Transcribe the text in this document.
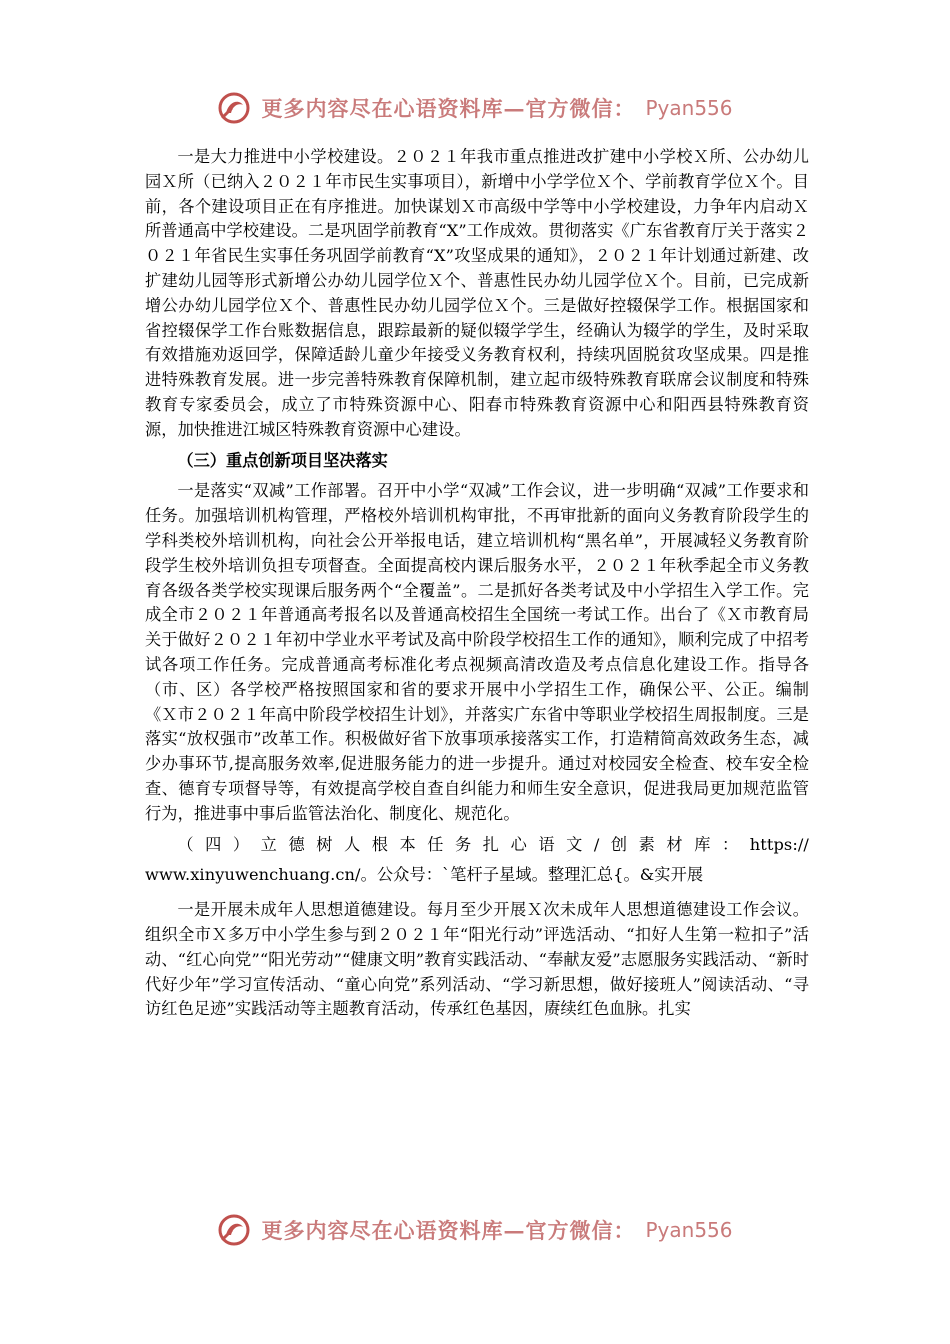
更多内容尽在心语资料库—官方微信： Pyan556

一是大力推进中小学校建设。２０２１年我市重点推进改扩建中小学校Ｘ所、公办幼儿园Ｘ所（已纳入２０２１年市民生实事项目），新增中小学学位Ｘ个、学前教育学位Ｘ个。目前，各个建设项目正在有序推进。加快谋划Ｘ市高级中学等中小学校建设，力争年内启动Ｘ所普通高中学校建设。二是巩固学前教育“X”工作成效。贯彻落实《广东省教育厅关于落实２０２１年省民生实事任务巩固学前教育“X”攻坚成果的通知》，２０２１年计划通过新建、改扩建幼儿园等形式新增公办幼儿园学位Ｘ个、普惠性民办幼儿园学位Ｘ个。目前，已完成新增公办幼儿园学位Ｘ个、普惠性民办幼儿园学位Ｘ个。三是做好控辍保学工作。根据国家和省控辍保学工作台账数据信息，跟踪最新的疑似辍学学生，经确认为辍学的学生，及时采取有效措施劝返回学，保障适龄儿童少年接受义务教育权利，持续巩固脱贫攻坚成果。四是推进特殊教育发展。进一步完善特殊教育保障机制，建立起市级特殊教育联席会议制度和特殊教育专家委员会，成立了市特殊资源中心、阳春市特殊教育资源中心和阳西县特殊教育资源，加快推进江城区特殊教育资源中心建设。

（三）重点创新项目坚决落实

一是落实“双减”工作部署。召开中小学“双减”工作会议，进一步明确“双减”工作要求和任务。加强培训机构管理，严格校外培训机构审批，不再审批新的面向义务教育阶段学生的学科类校外培训机构，向社会公开举报电话，建立培训机构“黑名单”，开展减轻义务教育阶段学生校外培训负担专项督查。全面提高校内课后服务水平，２０２１年秋季起全市义务教育各级各类学校实现课后服务两个“全覆盖”。二是抓好各类考试及中小学招生入学工作。完成全市２０２１年普通高考报名以及普通高校招生全国统一考试工作。出台了《Ｘ市教育局关于做好２０２１年初中学业水平考试及高中阶段学校招生工作的通知》，顺利完成了中招考试各项工作任务。完成普通高考标准化考点视频高清改造及考点信息化建设工作。指导各（市、区）各学校严格按照国家和省的要求开展中小学招生工作，确保公平、公正。编制《Ｘ市２０２１年高中阶段学校招生计划》，并落实广东省中等职业学校招生周报制度。三是落实“放权强市”改革工作。积极做好省下放事项承接落实工作，打造精简高效政务生态，减少办事环节,提高服务效率,促进服务能力的进一步提升。通过对校园安全检查、校车安全检查、德育专项督导等，有效提高学校自查自纠能力和师生安全意识，促进我局更加规范监管行为，推进事中事后监管法治化、制度化、规范化。

（四）立德树人根本任务扎心语文/创素材库：https://

www.xinyuwenchuang.cn/。公众号：`笔杆子星域。整理汇总{。&实开展

一是开展未成年人思想道德建设。每月至少开展Ｘ次未成年人思想道德建设工作会议。组织全市Ｘ多万中小学生参与到２０２１年“阳光行动”评选活动、“扣好人生第一粒扣子”活动、“红心向党”“阳光劳动”“健康文明”教育实践活动、“奉献友爱”志愿服务实践活动、“新时代好少年”学习宣传活动、“童心向党”系列活动、“学习新思想，做好接班人”阅读活动、“寻访红色足迹”实践活动等主题教育活动，传承红色基因，赓续红色血脉。扎实

更多内容尽在心语资料库—官方微信： Pyan556
